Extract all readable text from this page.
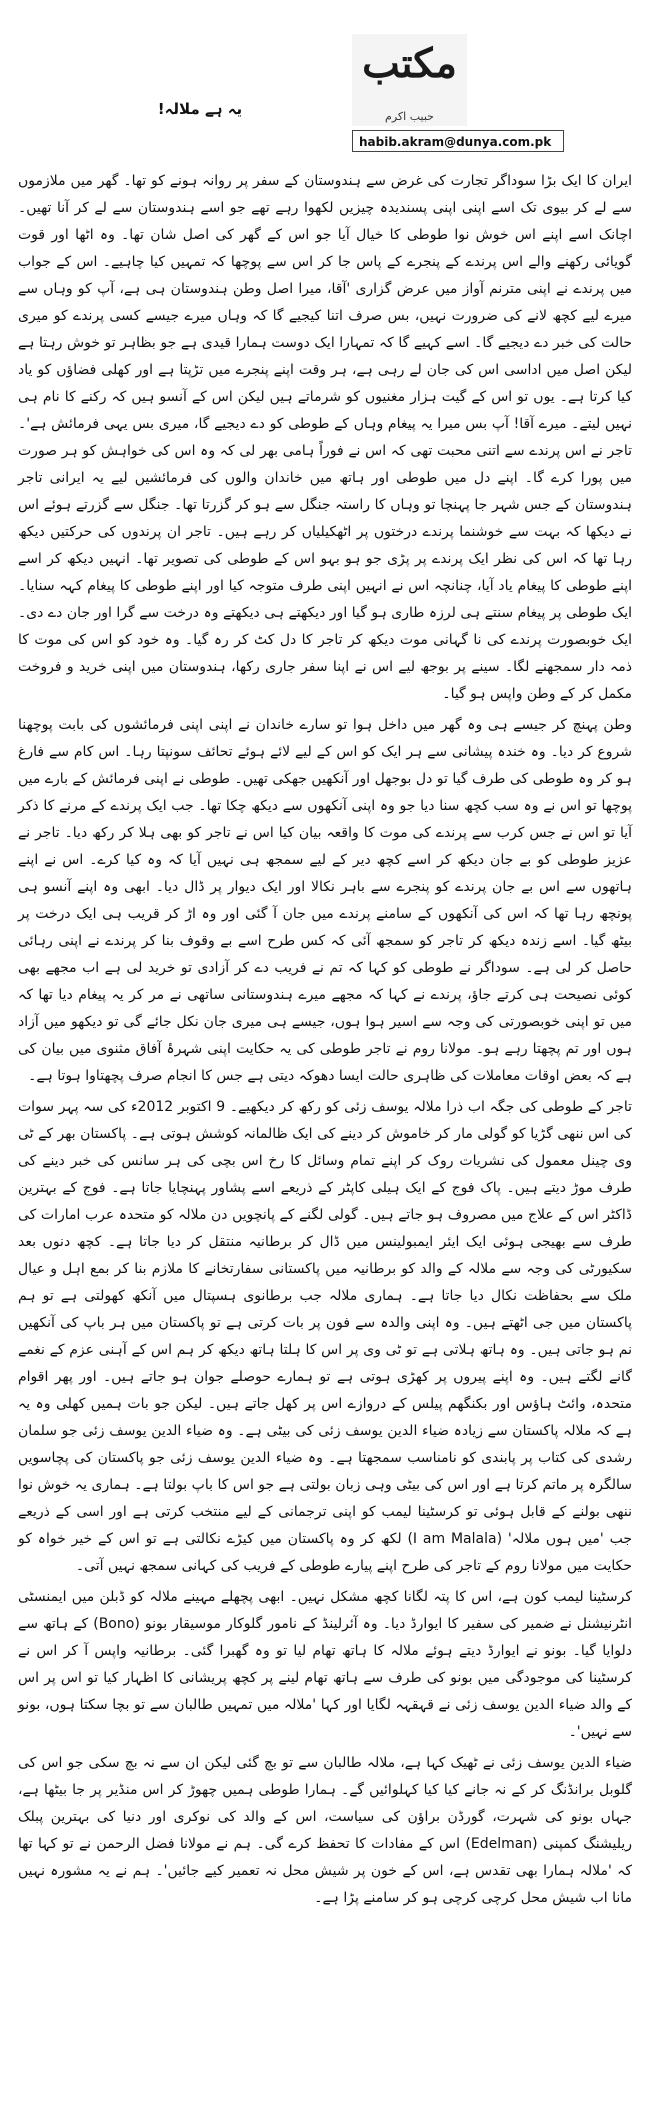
یہ ہے ملالہ!
مکتب
حبیب اکرم
habib.akram@dunya.com.pk

ایران کا ایک بڑا سوداگر تجارت کی غرض سے ہندوستان کے سفر پر روانہ ہونے کو تھا۔ گھر میں ملازموں سے لے کر بیوی تک اسے اپنی اپنی پسندیدہ چیزیں لکھوا رہے تھے جو اسے ہندوستان سے لے کر آنا تھیں۔ اچانک اسے اپنے اس خوش نوا طوطی کا خیال آیا جو اس کے گھر کی اصل شان تھا۔ وہ اٹھا اور قوت گویائی رکھنے والے اس پرندے کے پنجرے کے پاس جا کر اس سے پوچھا کہ تمہیں کیا چاہیے۔ اس کے جواب میں پرندے نے اپنی مترنم آواز میں عرض گزاری 'آقا، میرا اصل وطن ہندوستان ہی ہے، آپ کو وہاں سے میرے لیے کچھ لانے کی ضرورت نہیں، بس صرف اتنا کیجیے گا کہ وہاں میرے جیسے کسی پرندے کو میری حالت کی خبر دے دیجیے گا۔ اسے کہیے گا کہ تمہارا ایک دوست ہمارا قیدی ہے جو بظاہر تو خوش رہتا ہے لیکن اصل میں اداسی اس کی جان لے رہی ہے، ہر وقت اپنے پنجرے میں تڑپتا ہے اور کھلی فضاؤں کو یاد کیا کرتا ہے۔ یوں تو اس کے گیت ہزار مغنیوں کو شرماتے ہیں لیکن اس کے آنسو ہیں کہ رکنے کا نام ہی نہیں لیتے۔ میرے آقا! آپ بس میرا یہ پیغام وہاں کے طوطی کو دے دیجیے گا، میری بس یہی فرمائش ہے'۔ تاجر نے اس پرندے سے اتنی محبت تھی کہ اس نے فوراً ہامی بھر لی کہ وہ اس کی خواہش کو ہر صورت میں پورا کرے گا۔ اپنے دل میں طوطی اور ہاتھ میں خاندان والوں کی فرمائشیں لیے یہ ایرانی تاجر ہندوستان کے جس شہر جا پہنچا تو وہاں کا راستہ جنگل سے ہو کر گزرتا تھا۔ جنگل سے گزرتے ہوئے اس نے دیکھا کہ بہت سے خوشنما پرندے درختوں پر اٹھکیلیاں کر رہے ہیں۔ تاجر ان پرندوں کی حرکتیں دیکھ رہا تھا کہ اس کی نظر ایک پرندے پر پڑی جو ہو بہو اس کے طوطی کی تصویر تھا۔ انہیں دیکھ کر اسے اپنے طوطی کا پیغام یاد آیا، چنانچہ اس نے انہیں اپنی طرف متوجہ کیا اور اپنے طوطی کا پیغام کہہ سنایا۔ ایک طوطی پر پیغام سنتے ہی لرزہ طاری ہو گیا اور دیکھتے ہی دیکھتے وہ درخت سے گرا اور جان دے دی۔ ایک خوبصورت پرندے کی نا گہانی موت دیکھ کر تاجر کا دل کٹ کر رہ گیا۔ وہ خود کو اس کی موت کا ذمہ دار سمجھنے لگا۔ سینے پر بوجھ لیے اس نے اپنا سفر جاری رکھا، ہندوستان میں اپنی خرید و فروخت مکمل کر کے وطن واپس ہو گیا۔

وطن پہنچ کر جیسے ہی وہ گھر میں داخل ہوا تو سارے خاندان نے اپنی اپنی فرمائشوں کی بابت پوچھنا شروع کر دیا۔ وہ خندہ پیشانی سے ہر ایک کو اس کے لیے لائے ہوئے تحائف سونپتا رہا۔ اس کام سے فارغ ہو کر وہ طوطی کی طرف گیا تو دل بوجھل اور آنکھیں جھکی تھیں۔ طوطی نے اپنی فرمائش کے بارے میں پوچھا تو اس نے وہ سب کچھ سنا دیا جو وہ اپنی آنکھوں سے دیکھ چکا تھا۔ جب ایک پرندے کے مرنے کا ذکر آیا تو اس نے جس کرب سے پرندے کی موت کا واقعہ بیان کیا اس نے تاجر کو بھی ہلا کر رکھ دیا۔ تاجر نے عزیز طوطی کو بے جان دیکھ کر اسے کچھ دیر کے لیے سمجھ ہی نہیں آیا کہ وہ کیا کرے۔ اس نے اپنے ہاتھوں سے اس بے جان پرندے کو پنجرے سے باہر نکالا اور ایک دیوار پر ڈال دیا۔ ابھی وہ اپنے آنسو ہی پونچھ رہا تھا کہ اس کی آنکھوں کے سامنے پرندے میں جان آ گئی اور وہ اڑ کر قریب ہی ایک درخت پر بیٹھ گیا۔ اسے زندہ دیکھ کر تاجر کو سمجھ آئی کہ کس طرح اسے بے وقوف بنا کر پرندے نے اپنی رہائی حاصل کر لی ہے۔ سوداگر نے طوطی کو کہا کہ تم نے فریب دے کر آزادی تو خرید لی ہے اب مجھے بھی کوئی نصیحت ہی کرتے جاؤ، پرندے نے کہا کہ مجھے میرے ہندوستانی ساتھی نے مر کر یہ پیغام دیا تھا کہ میں تو اپنی خوبصورتی کی وجہ سے اسیر ہوا ہوں، جیسے ہی میری جان نکل جائے گی تو دیکھو میں آزاد ہوں اور تم پچھتا رہے ہو۔ مولانا روم نے تاجر طوطی کی یہ حکایت اپنی شہرۂ آفاق مثنوی میں بیان کی ہے کہ بعض اوقات معاملات کی ظاہری حالت ایسا دھوکہ دیتی ہے جس کا انجام صرف پچھتاوا ہوتا ہے۔

تاجر کے طوطی کی جگہ اب ذرا ملالہ یوسف زئی کو رکھ کر دیکھیے۔ 9 اکتوبر 2012ء کی سہ پہر سوات کی اس ننھی گڑیا کو گولی مار کر خاموش کر دینے کی ایک ظالمانہ کوشش ہوتی ہے۔ پاکستان بھر کے ٹی وی چینل معمول کی نشریات روک کر اپنے تمام وسائل کا رخ اس بچی کی ہر سانس کی خبر دینے کی طرف موڑ دیتے ہیں۔ پاک فوج کے ایک ہیلی کاپٹر کے ذریعے اسے پشاور پہنچایا جاتا ہے۔ فوج کے بہترین ڈاکٹر اس کے علاج میں مصروف ہو جاتے ہیں۔ گولی لگنے کے پانچویں دن ملالہ کو متحدہ عرب امارات کی طرف سے بھیجی ہوئی ایک ایئر ایمبولینس میں ڈال کر برطانیہ منتقل کر دیا جاتا ہے۔ کچھ دنوں بعد سکیورٹی کی وجہ سے ملالہ کے والد کو برطانیہ میں پاکستانی سفارتخانے کا ملازم بنا کر بمع اہل و عیال ملک سے بحفاظت نکال دیا جاتا ہے۔ ہماری ملالہ جب برطانوی ہسپتال میں آنکھ کھولتی ہے تو ہم پاکستان میں جی اٹھتے ہیں۔ وہ اپنی والدہ سے فون پر بات کرتی ہے تو پاکستان میں ہر باپ کی آنکھیں نم ہو جاتی ہیں۔ وہ ہاتھ ہلاتی ہے تو ٹی وی پر اس کا ہلتا ہاتھ دیکھ کر ہم اس کے آہنی عزم کے نغمے گانے لگتے ہیں۔ وہ اپنے پیروں پر کھڑی ہوتی ہے تو ہمارے حوصلے جوان ہو جاتے ہیں۔ اور پھر اقوام متحدہ، وائٹ ہاؤس اور بکنگھم پیلس کے دروازے اس پر کھل جاتے ہیں۔ لیکن جو بات ہمیں کھلی وہ یہ ہے کہ ملالہ پاکستان سے زیادہ ضیاء الدین یوسف زئی کی بیٹی ہے۔ وہ ضیاء الدین یوسف زئی جو سلمان رشدی کی کتاب پر پابندی کو نامناسب سمجھتا ہے۔ وہ ضیاء الدین یوسف زئی جو پاکستان کی پچاسویں سالگرہ پر ماتم کرتا ہے اور اس کی بیٹی وہی زبان بولتی ہے جو اس کا باپ بولتا ہے۔ ہماری یہ خوش نوا ننھی بولنے کے قابل ہوئی تو کرسٹینا لیمب کو اپنی ترجمانی کے لیے منتخب کرتی ہے اور اسی کے ذریعے جب 'میں ہوں ملالہ' (I am Malala) لکھ کر وہ پاکستان میں کیڑے نکالتی ہے تو اس کے خیر خواہ کو حکایت میں مولانا روم کے تاجر کی طرح اپنے پیارے طوطی کے فریب کی کہانی سمجھ نہیں آتی۔

کرسٹینا لیمب کون ہے، اس کا پتہ لگانا کچھ مشکل نہیں۔ ابھی پچھلے مہینے ملالہ کو ڈبلن میں ایمنسٹی انٹرنیشنل نے ضمیر کی سفیر کا ایوارڈ دیا۔ وہ آئرلینڈ کے نامور گلوکار موسیقار بونو (Bono) کے ہاتھ سے دلوایا گیا۔ بونو نے ایوارڈ دیتے ہوئے ملالہ کا ہاتھ تھام لیا تو وہ گھبرا گئی۔ برطانیہ واپس آ کر اس نے کرسٹینا کی موجودگی میں بونو کی طرف سے ہاتھ تھام لینے پر کچھ پریشانی کا اظہار کیا تو اس پر اس کے والد ضیاء الدین یوسف زئی نے قہقہہ لگایا اور کہا 'ملالہ میں تمہیں طالبان سے تو بچا سکتا ہوں، بونو سے نہیں'۔

ضیاء الدین یوسف زئی نے ٹھیک کہا ہے، ملالہ طالبان سے تو بچ گئی لیکن ان سے نہ بچ سکی جو اس کی گلوبل برانڈنگ کر کے نہ جانے کیا کیا کہلوائیں گے۔ ہمارا طوطی ہمیں چھوڑ کر اس منڈیر پر جا بیٹھا ہے، جہاں بونو کی شہرت، گورڈن براؤن کی سیاست، اس کے والد کی نوکری اور دنیا کی بہترین پبلک ریلیشنگ کمپنی (Edelman) اس کے مفادات کا تحفظ کرے گی۔ ہم نے مولانا فضل الرحمن نے تو کہا تھا کہ 'ملالہ ہمارا بھی تقدس ہے، اس کے خون پر شیش محل نہ تعمیر کیے جائیں'۔ ہم نے یہ مشورہ نہیں مانا اب شیش محل کرچی کرچی ہو کر سامنے پڑا ہے۔
